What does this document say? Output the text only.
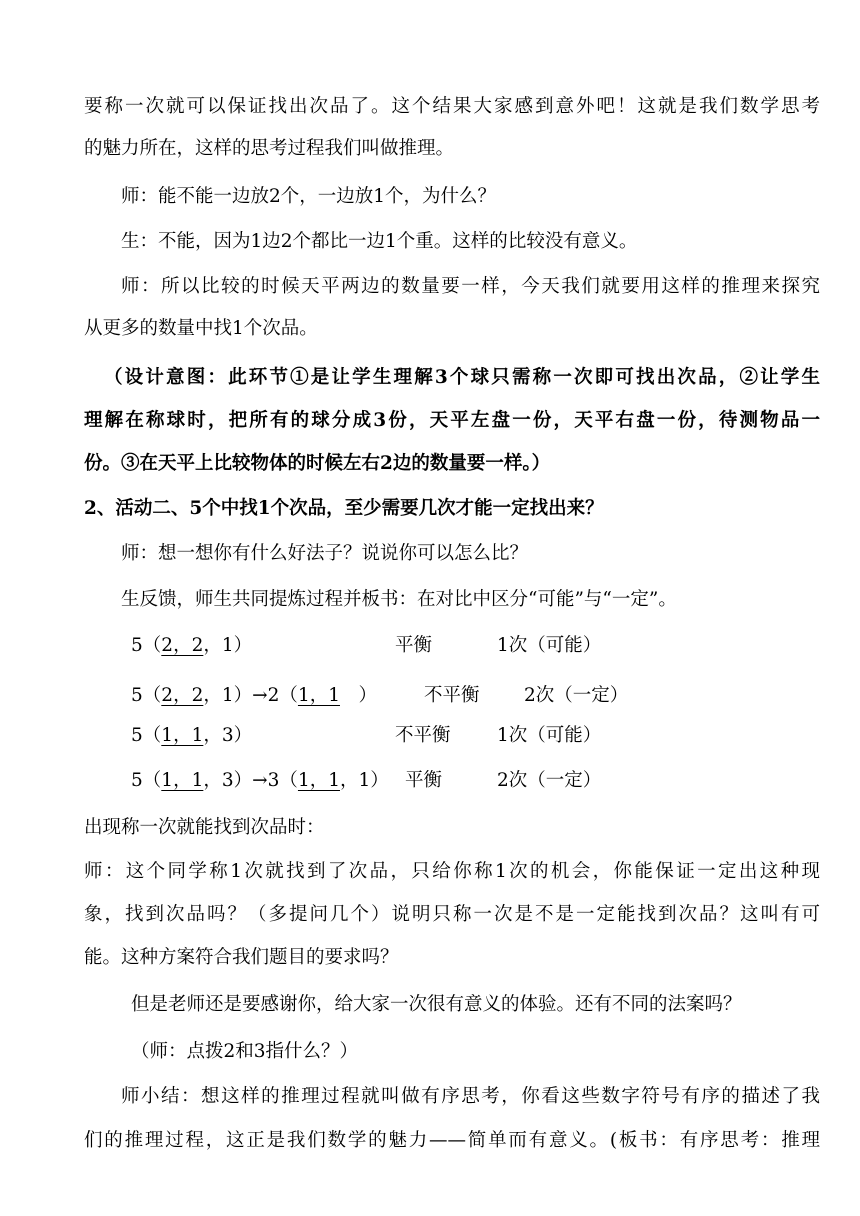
要称一次就可以保证找出次品了。这个结果大家感到意外吧！这就是我们数学思考
的魅力所在，这样的思考过程我们叫做推理。
师：能不能一边放2个，一边放1个，为什么？
生：不能，因为1边2个都比一边1个重。这样的比较没有意义。
师：所以比较的时候天平两边的数量要一样，今天我们就要用这样的推理来探究
从更多的数量中找1个次品。
（设计意图：此环节①是让学生理解3个球只需称一次即可找出次品，②让学生
理解在称球时，把所有的球分成3份，天平左盘一份，天平右盘一份，待测物品一
份。③在天平上比较物体的时候左右2边的数量要一样。）
2、活动二、5个中找1个次品，至少需要几次才能一定找出来？
师：想一想你有什么好法子？说说你可以怎么比？
生反馈，师生共同提炼过程并板书：在对比中区分“可能”与“一定”。
5（2，2，1）	平衡	1次（可能）
5（2，2，1）→2（1，1　）	不平衡 2次（一定）
5（1，1，3）	不平衡	1次（可能）
5（1，1，3）→3（1，1，1） 平衡	2次（一定）
出现称一次就能找到次品时：
师：这个同学称1次就找到了次品，只给你称1次的机会，你能保证一定出这种现
象，找到次品吗？（多提问几个）说明只称一次是不是一定能找到次品？这叫有可
能。这种方案符合我们题目的要求吗？
但是老师还是要感谢你，给大家一次很有意义的体验。还有不同的法案吗？
（师：点拨2和3指什么？）
师小结：想这样的推理过程就叫做有序思考，你看这些数字符号有序的描述了我
们的推理过程，这正是我们数学的魅力——简单而有意义。(板书：有序思考：推理
